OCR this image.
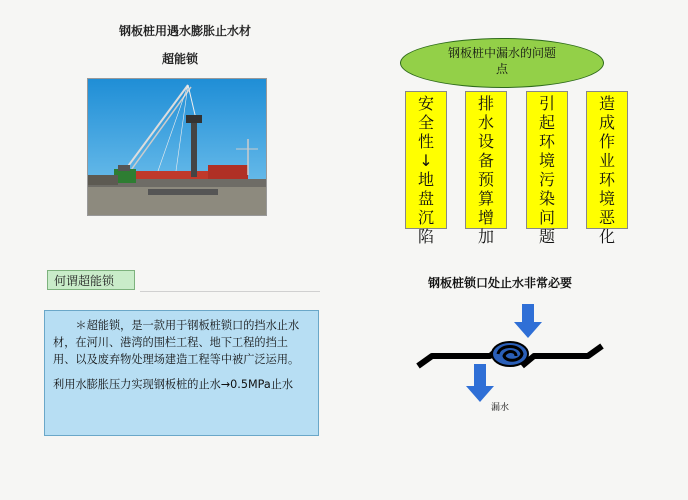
钢板桩用遇水膨胀止水材
超能锁
何谓超能锁

＊超能锁，是一款用于钢板桩锁口的挡水止水材，在河川、港湾的围栏工程、地下工程的挡土用、以及废弃物处理场建造工程等中被广泛运用。

利用水膨胀压力实现钢板桩的止水→0.5MPa止水

钢板桩中漏水的问题点
安全性↓地盘沉陷
排水设备预算增加
引起环境污染问题
造成作业环境恶化
钢板桩锁口处止水非常必要
漏水
